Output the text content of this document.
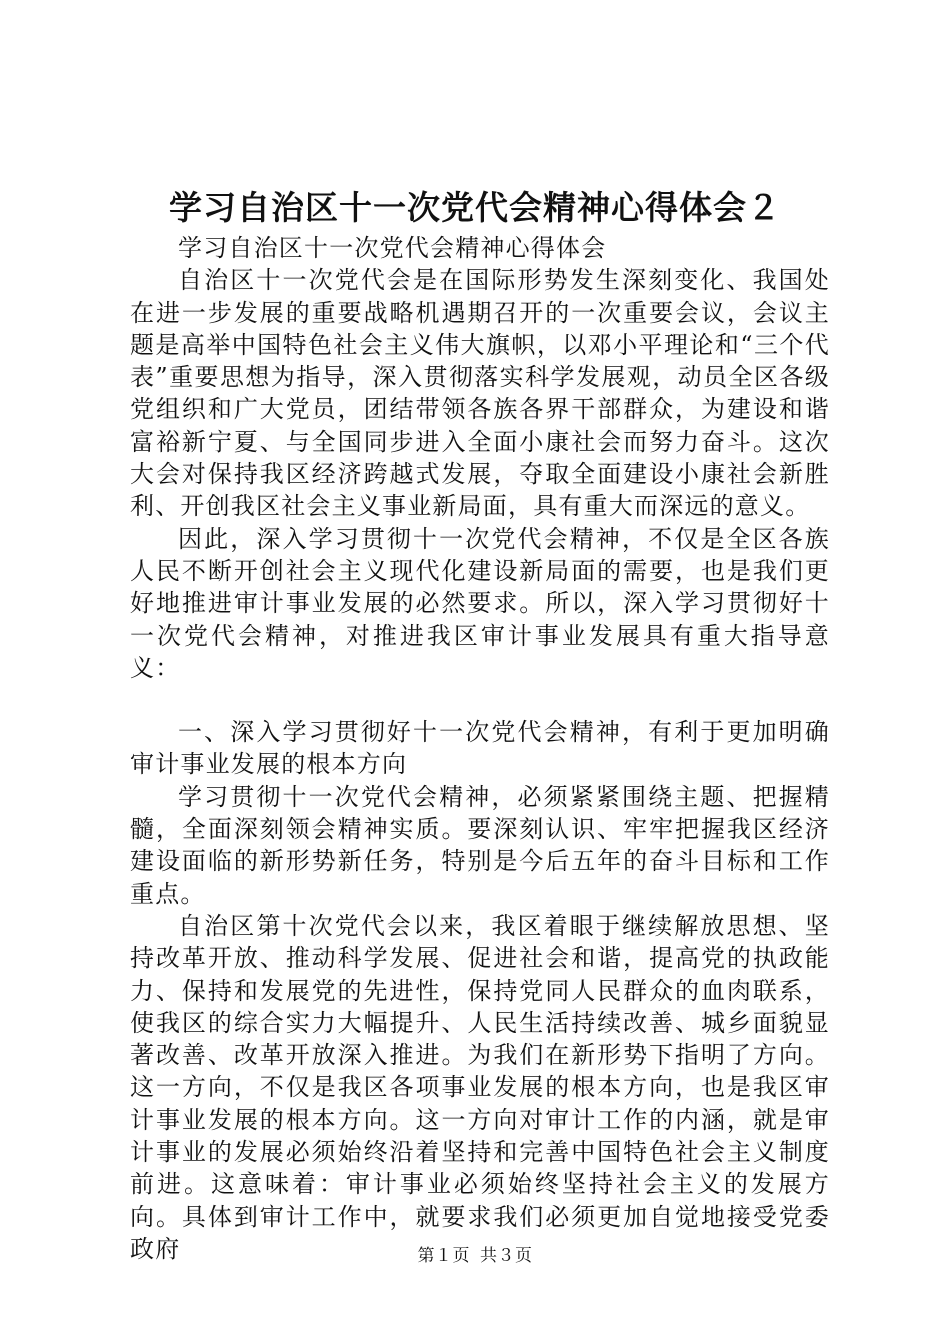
学习自治区十一次党代会精神心得体会２

学习自治区十一次党代会精神心得体会

自治区十一次党代会是在国际形势发生深刻变化、我国处在进一步发展的重要战略机遇期召开的一次重要会议，会议主题是高举中国特色社会主义伟大旗帜，以邓小平理论和“三个代表”重要思想为指导，深入贯彻落实科学发展观，动员全区各级党组织和广大党员，团结带领各族各界干部群众，为建设和谐富裕新宁夏、与全国同步进入全面小康社会而努力奋斗。这次大会对保持我区经济跨越式发展，夺取全面建设小康社会新胜利、开创我区社会主义事业新局面，具有重大而深远的意义。

因此，深入学习贯彻十一次党代会精神，不仅是全区各族人民不断开创社会主义现代化建设新局面的需要，也是我们更好地推进审计事业发展的必然要求。所以，深入学习贯彻好十一次党代会精神，对推进我区审计事业发展具有重大指导意义：

一、深入学习贯彻好十一次党代会精神，有利于更加明确审计事业发展的根本方向

学习贯彻十一次党代会精神，必须紧紧围绕主题、把握精髓，全面深刻领会精神实质。要深刻认识、牢牢把握我区经济建设面临的新形势新任务，特别是今后五年的奋斗目标和工作重点。

自治区第十次党代会以来，我区着眼于继续解放思想、坚持改革开放、推动科学发展、促进社会和谐，提高党的执政能力、保持和发展党的先进性，保持党同人民群众的血肉联系，使我区的综合实力大幅提升、人民生活持续改善、城乡面貌显著改善、改革开放深入推进。为我们在新形势下指明了方向。这一方向，不仅是我区各项事业发展的根本方向，也是我区审计事业发展的根本方向。这一方向对审计工作的内涵，就是审计事业的发展必须始终沿着坚持和完善中国特色社会主义制度前进。这意味着：审计事业必须始终坚持社会主义的发展方向。具体到审计工作中，就要求我们必须更加自觉地接受党委政府	第１页 共３页
